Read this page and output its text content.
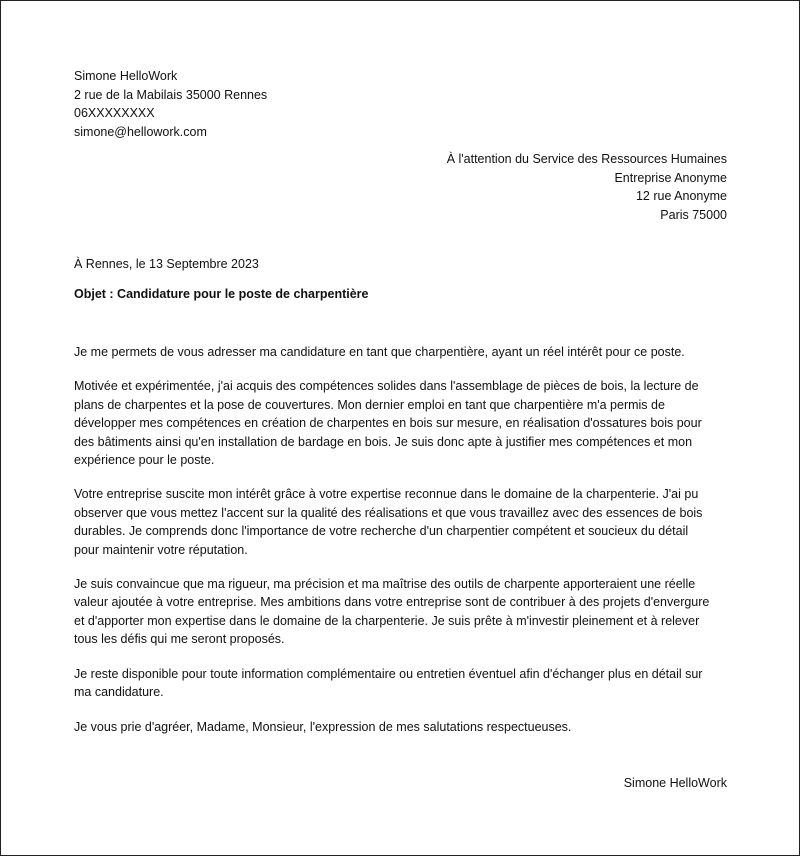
Simone HelloWork
2 rue de la Mabilais 35000 Rennes
06XXXXXXXX
simone@hellowork.com
À l'attention du Service des Ressources Humaines
Entreprise Anonyme
12 rue Anonyme
Paris 75000
À Rennes, le 13 Septembre 2023
Objet : Candidature pour le poste de charpentière

Je me permets de vous adresser ma candidature en tant que charpentière, ayant un réel intérêt pour ce poste.

Motivée et expérimentée, j'ai acquis des compétences solides dans l'assemblage de pièces de bois, la lecture de
plans de charpentes et la pose de couvertures. Mon dernier emploi en tant que charpentière m'a permis de
développer mes compétences en création de charpentes en bois sur mesure, en réalisation d'ossatures bois pour
des bâtiments ainsi qu'en installation de bardage en bois. Je suis donc apte à justifier mes compétences et mon
expérience pour le poste.

Votre entreprise suscite mon intérêt grâce à votre expertise reconnue dans le domaine de la charpenterie. J'ai pu
observer que vous mettez l'accent sur la qualité des réalisations et que vous travaillez avec des essences de bois
durables. Je comprends donc l'importance de votre recherche d'un charpentier compétent et soucieux du détail
pour maintenir votre réputation.

Je suis convaincue que ma rigueur, ma précision et ma maîtrise des outils de charpente apporteraient une réelle
valeur ajoutée à votre entreprise. Mes ambitions dans votre entreprise sont de contribuer à des projets d'envergure
et d'apporter mon expertise dans le domaine de la charpenterie. Je suis prête à m'investir pleinement et à relever
tous les défis qui me seront proposés.

Je reste disponible pour toute information complémentaire ou entretien éventuel afin d'échanger plus en détail sur
ma candidature.

Je vous prie d'agréer, Madame, Monsieur, l'expression de mes salutations respectueuses.

Simone HelloWork
